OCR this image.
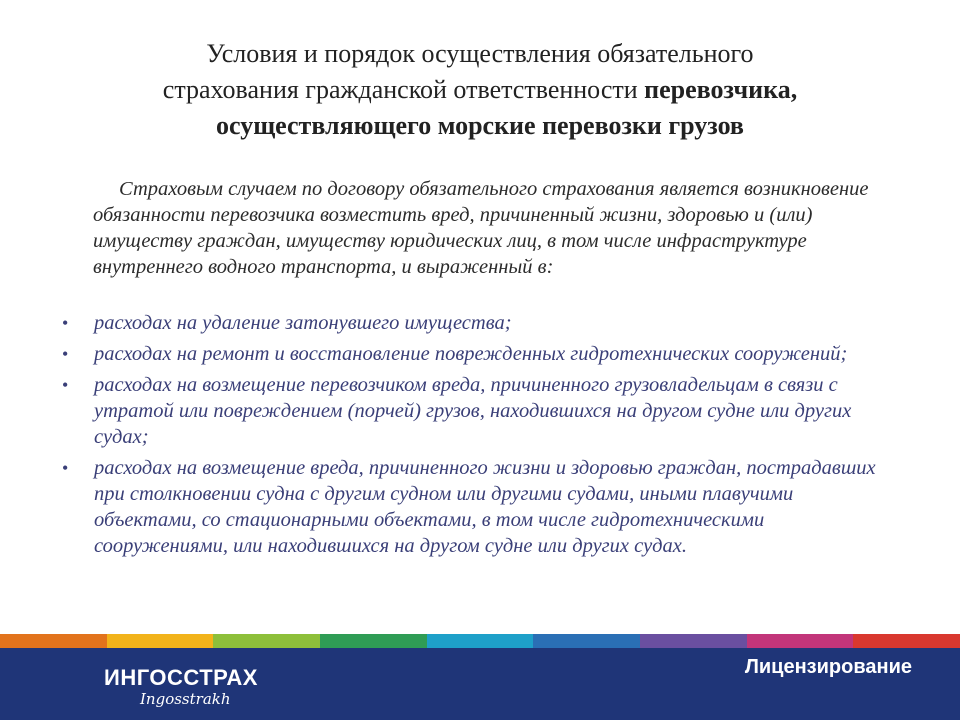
Условия и порядок осуществления обязательного
страхования гражданской ответственности перевозчика,
осуществляющего морские перевозки грузов

Страховым случаем по договору обязательного страхования является возникновение обязанности перевозчика возместить вред, причиненный жизни, здоровью и (или) имуществу граждан, имуществу юридических лиц, в том числе инфраструктуре внутреннего водного транспорта, и выраженный в:

• расходах на удаление затонувшего имущества;
• расходах на ремонт и восстановление поврежденных гидротехнических сооружений;
• расходах на возмещение перевозчиком вреда, причиненного грузовладельцам в связи с утратой или повреждением (порчей) грузов, находившихся на другом судне или других судах;
• расходах на возмещение вреда, причиненного жизни и здоровью граждан, пострадавших при столкновении судна с другим судном или другими судами, иными плавучими объектами, со стационарными объектами, в том числе гидротехническими сооружениями, или находившихся на другом судне или других судах.
ИНГОССТРАХ
Ingosstrakh
Лицензирование
